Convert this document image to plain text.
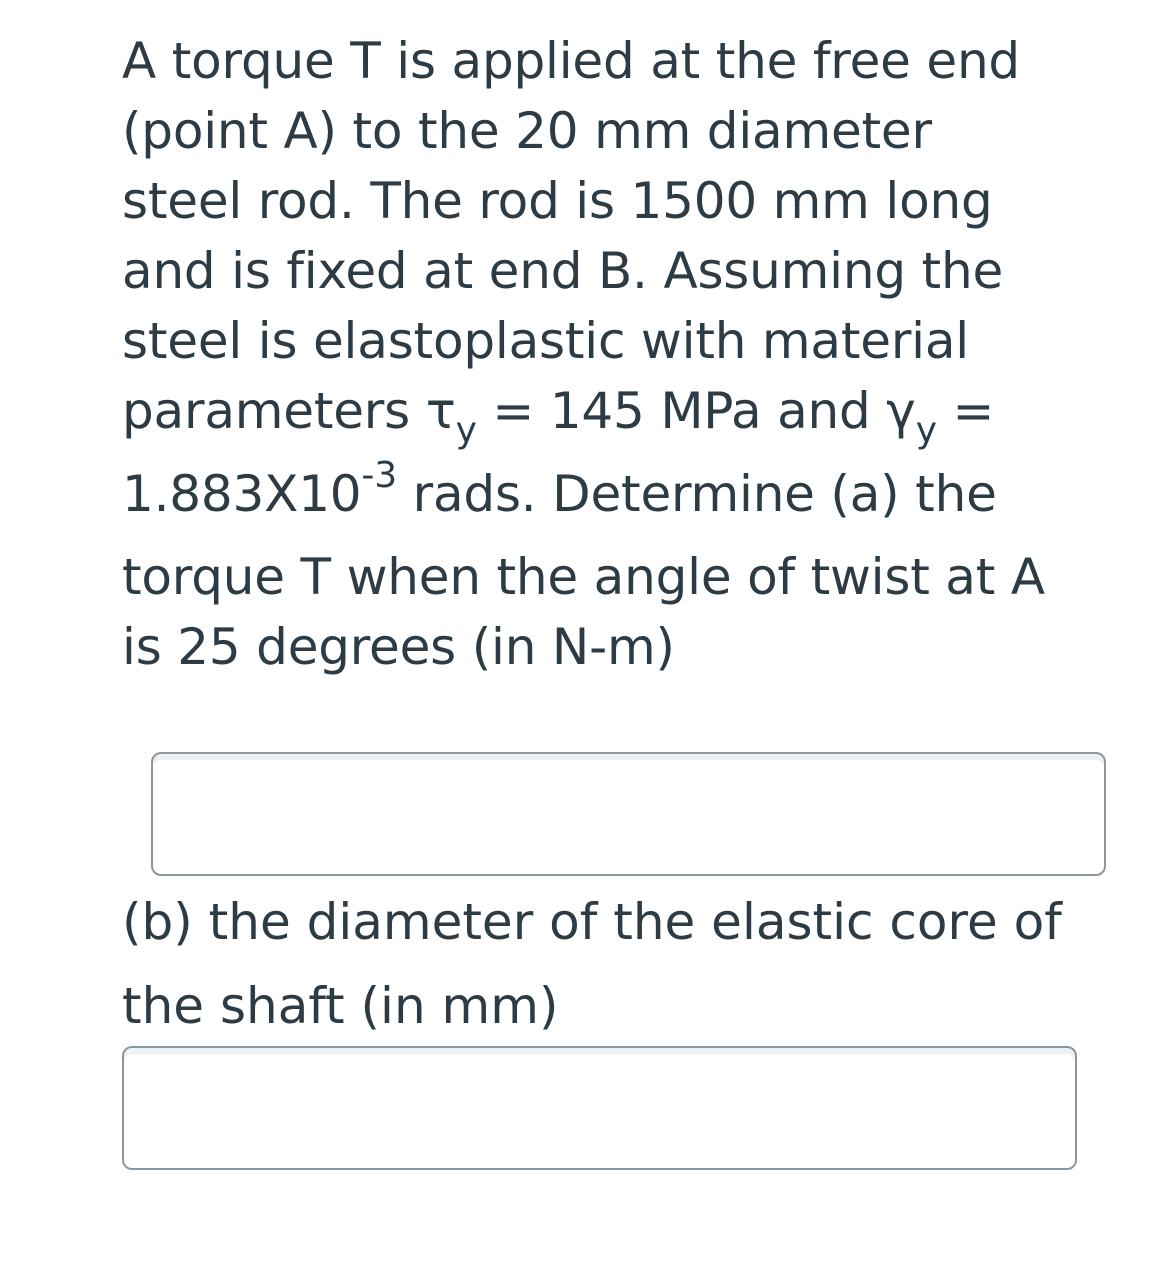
A torque T is applied at the free end
(point A) to the 20 mm diameter
steel rod. The rod is 1500 mm long
and is fixed at end B. Assuming the
steel is elastoplastic with material
parameters $\tau_y = 145$ MPa and $\gamma_y$ =
$1.883X10^{-3}$ rads. Determine (a) the
torque T when the angle of twist at A
is 25 degrees (in N-m)

(b) the diameter of the elastic core of
the shaft (in mm)
